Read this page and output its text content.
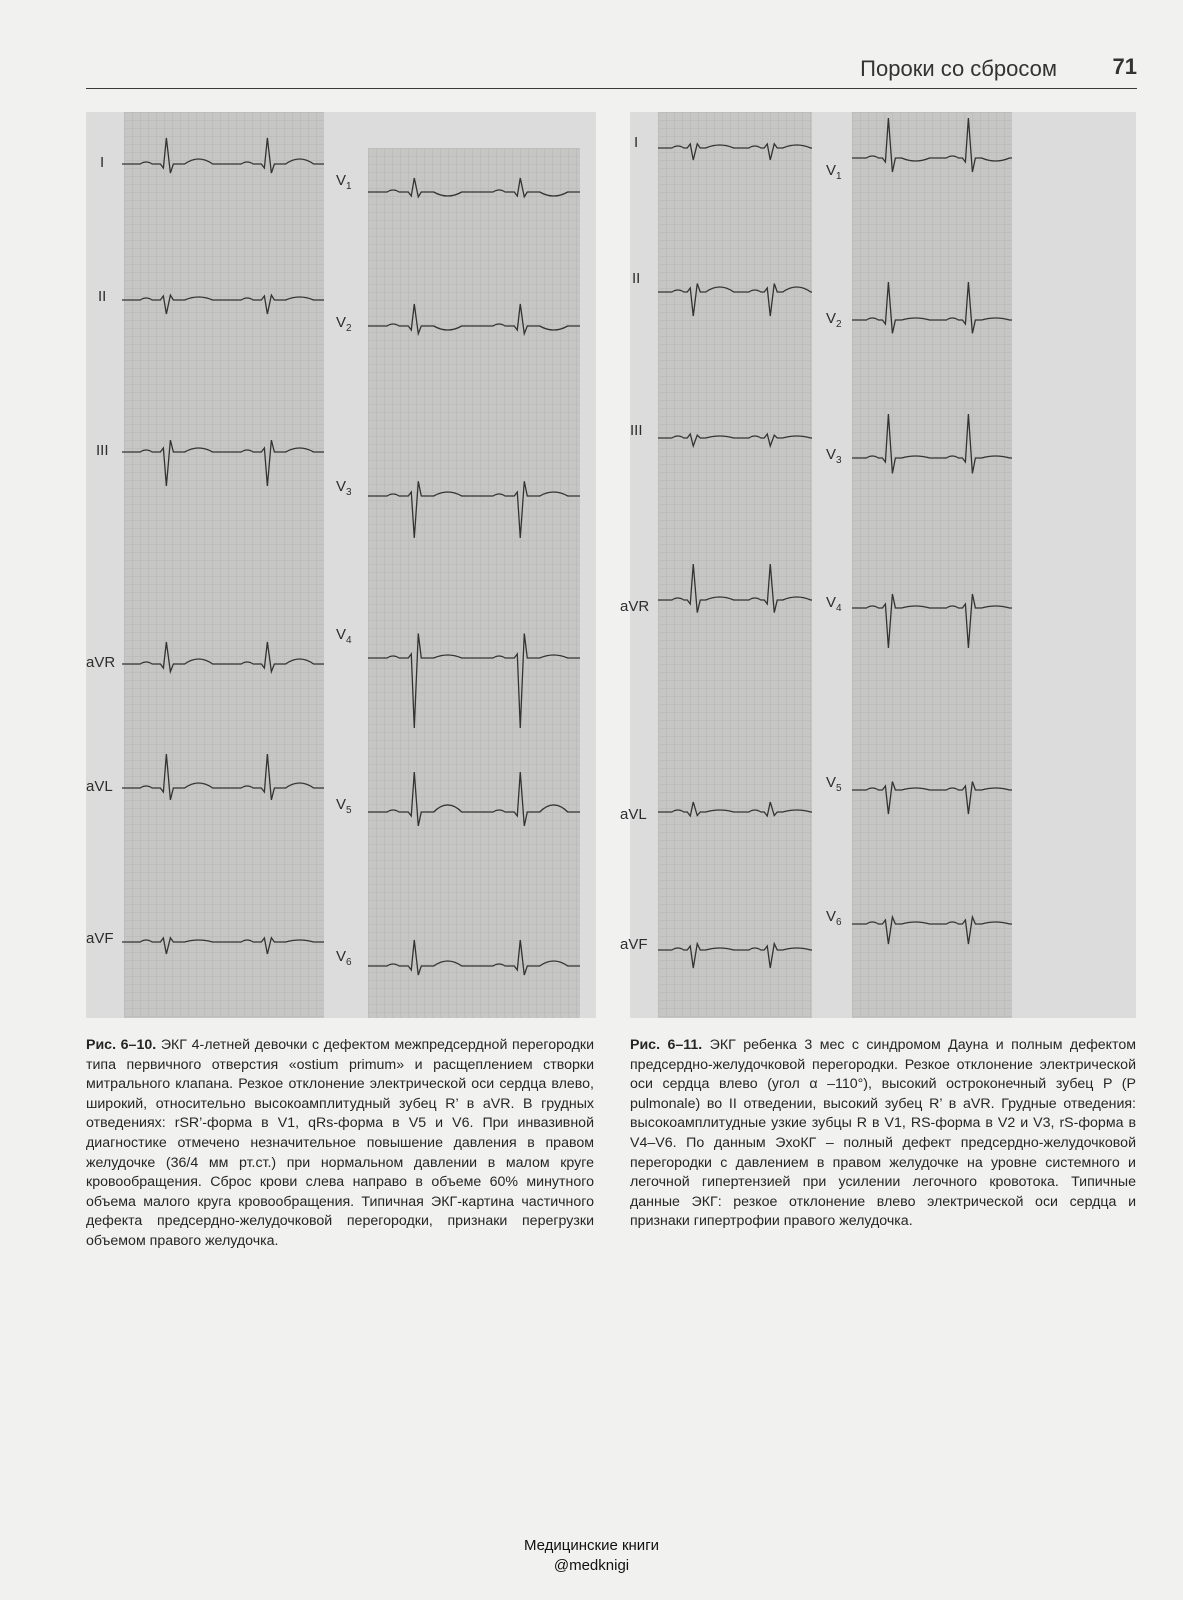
Пороки со сбросом	71
I
II
III
aVR
aVL
aVF
$V_1$
$V_2$
$V_3$
$V_4$
$V_5$
$V_6$
I
II
III
aVR
aVL
aVF
$V_1$
$V_2$
$V_3$
$V_4$
$V_5$
$V_6$
Рис. 6–10. ЭКГ 4-летней девочки с дефектом межпредсердной перегородки типа первичного отверстия «ostium primum» и расщеплением створки митрального клапана. Резкое отклонение электрической оси сердца влево, широкий, относительно высокоамплитудный зубец R’ в aVR. В грудных отведениях: rSR’-форма в V1, qRs-форма в V5 и V6. При инвазивной диагностике отмечено незначительное повышение давления в правом желудочке (36/4 мм рт.ст.) при нормальном давлении в малом круге кровообращения. Сброс крови слева направо в объеме 60% минутного объема малого круга кровообращения. Типичная ЭКГ-картина частичного дефекта предсердно-желудочковой перегородки, признаки перегрузки объемом правого желудочка.
Рис. 6–11. ЭКГ ребенка 3 мес с синдромом Дауна и полным дефектом предсердно-желудочковой перегородки. Резкое отклонение электрической оси сердца влево (угол α –110°), высокий остроконечный зубец P (P pulmonale) во II отведении, высокий зубец R’ в aVR. Грудные отведения: высокоамплитудные узкие зубцы R в V1, RS-форма в V2 и V3, rS-форма в V4–V6. По данным ЭхоКГ – полный дефект предсердно-желудочковой перегородки с давлением в правом желудочке на уровне системного и легочной гипертензией при усилении легочного кровотока. Типичные данные ЭКГ: резкое отклонение влево электрической оси сердца и признаки гипертрофии правого желудочка.
Медицинские книги
@medknigi
